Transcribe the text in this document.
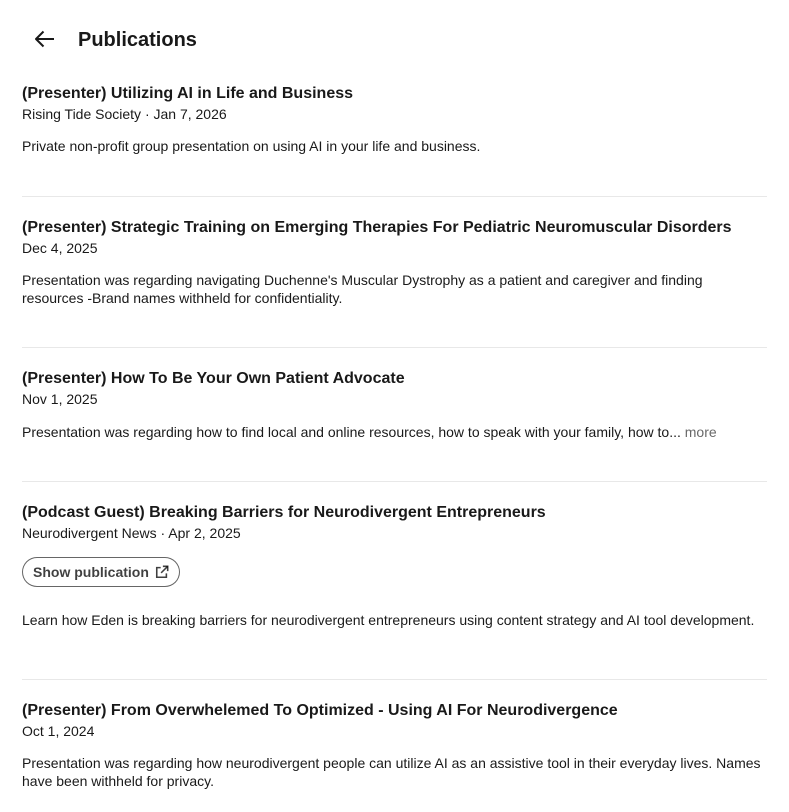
Publications
(Presenter) Utilizing AI in Life and Business

Rising Tide Society · Jan 7, 2026

Private non-profit group presentation on using AI in your life and business.

(Presenter) Strategic Training on Emerging Therapies For Pediatric Neuromuscular Disorders

Dec 4, 2025

Presentation was regarding navigating Duchenne's Muscular Dystrophy as a patient and caregiver and finding resources -Brand names withheld for confidentiality.

(Presenter) How To Be Your Own Patient Advocate

Nov 1, 2025

Presentation was regarding how to find local and online resources, how to speak with your family, how to... more

(Podcast Guest) Breaking Barriers for Neurodivergent Entrepreneurs

Neurodivergent News · Apr 2, 2025

Show publication

Learn how Eden is breaking barriers for neurodivergent entrepreneurs using content strategy and AI tool development.

(Presenter) From Overwhelemed To Optimized - Using AI For Neurodivergence

Oct 1, 2024

Presentation was regarding how neurodivergent people can utilize AI as an assistive tool in their everyday lives. Names have been withheld for privacy.
